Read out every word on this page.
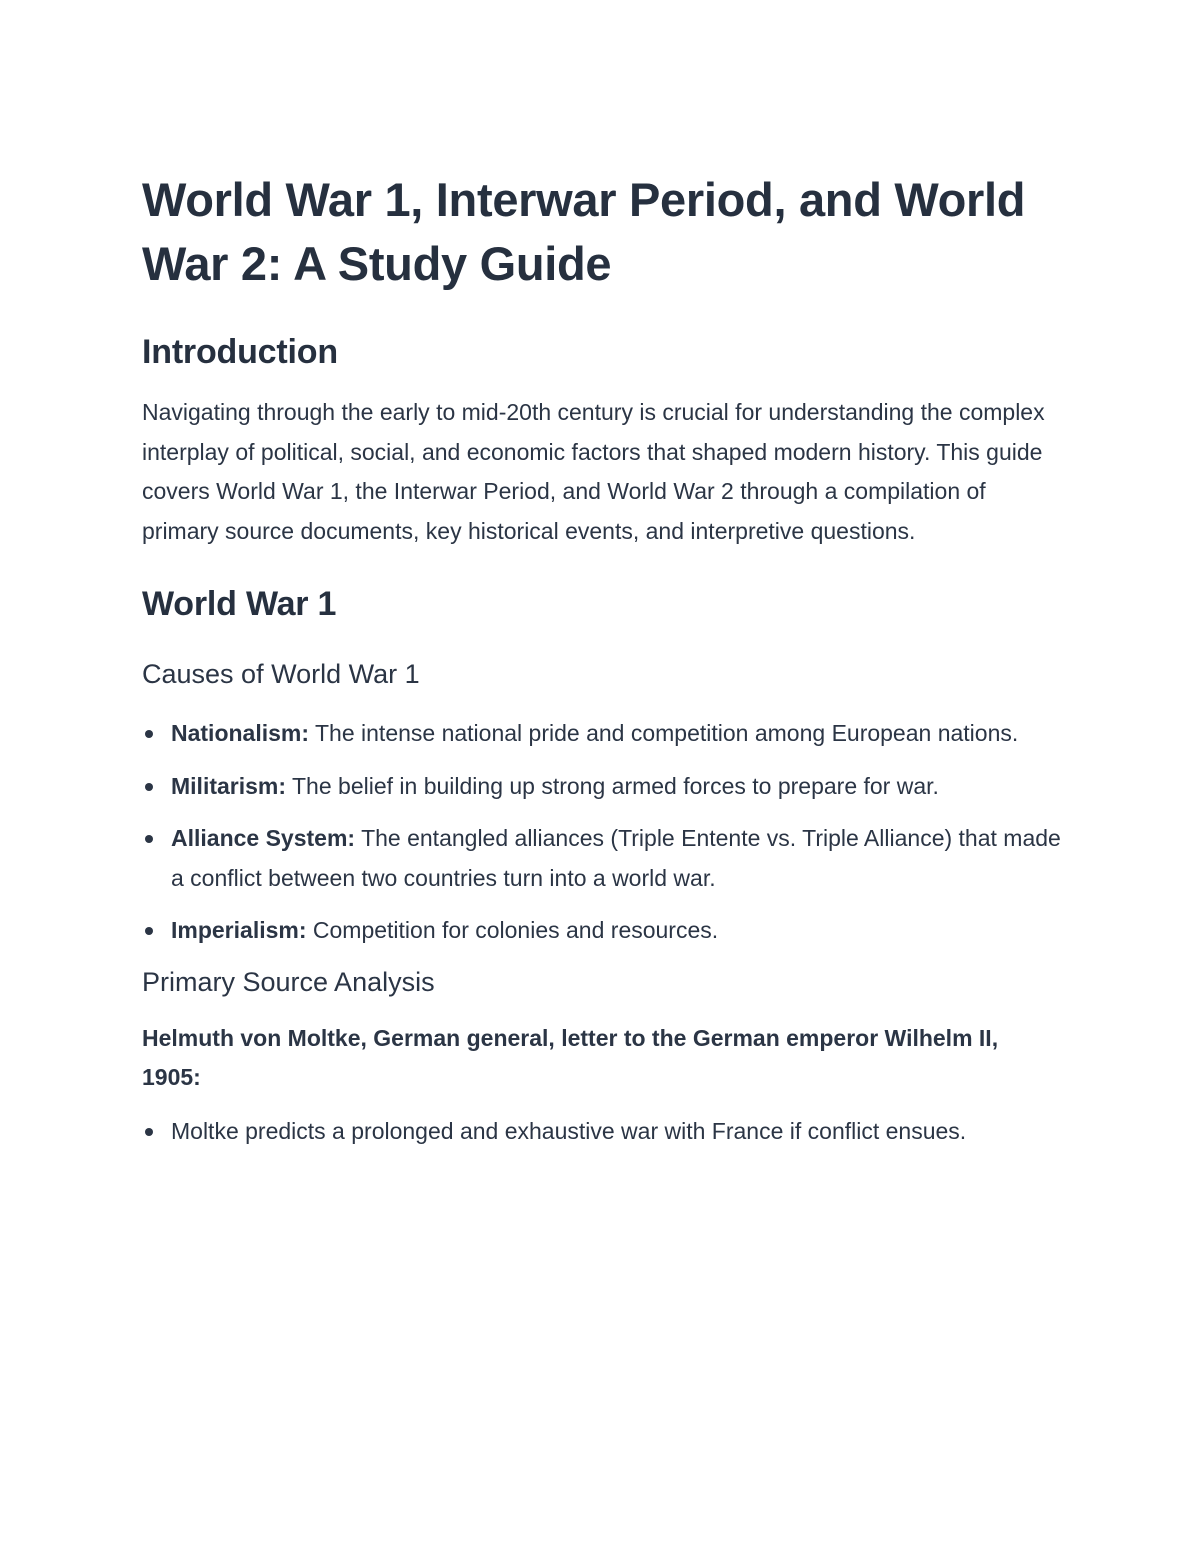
World War 1, Interwar Period, and World War 2: A Study Guide
Introduction

Navigating through the early to mid-20th century is crucial for understanding the complex interplay of political, social, and economic factors that shaped modern history. This guide covers World War 1, the Interwar Period, and World War 2 through a compilation of primary source documents, key historical events, and interpretive questions.

World War 1
Causes of World War 1
Nationalism: The intense national pride and competition among European nations.
Militarism: The belief in building up strong armed forces to prepare for war.
Alliance System: The entangled alliances (Triple Entente vs. Triple Alliance) that made a conflict between two countries turn into a world war.
Imperialism: Competition for colonies and resources.
Primary Source Analysis

Helmuth von Moltke, German general, letter to the German emperor Wilhelm II, 1905:

Moltke predicts a prolonged and exhaustive war with France if conflict ensues.
